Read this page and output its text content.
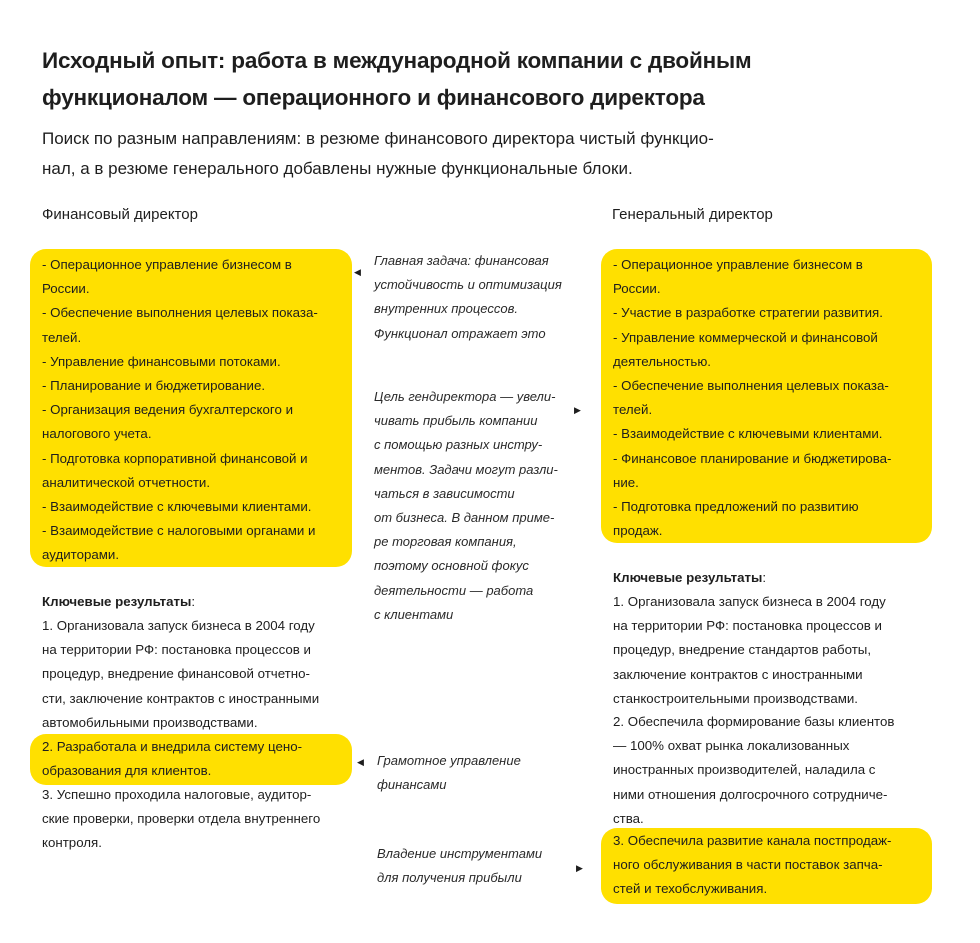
Исходный опыт: работа в международной компании с двойным
функционалом — операционного и финансового директора
Поиск по разным направлениям: в резюме финансового директора чистый функцио-
нал, а в резюме генерального добавлены нужные функциональные блоки.
Финансовый директор	Генеральный директор
- Операционное управление бизнесом в
России.
- Обеспечение выполнения целевых показа-
телей.
- Управление финансовыми потоками.
- Планирование и бюджетирование.
- Организация ведения бухгалтерского и
налогового учета.
- Подготовка корпоративной финансовой и
аналитической отчетности.
- Взаимодействие с ключевыми клиентами.
- Взаимодействие с налоговыми органами и
аудиторами.
Ключевые результаты:
1. Организовала запуск бизнеса в 2004 году
на территории РФ: постановка процессов и
процедур, внедрение финансовой отчетно-
сти, заключение контрактов с иностранными
автомобильными производствами.
2. Разработала и внедрила систему цено-
образования для клиентов.
3. Успешно проходила налоговые, аудитор-
ские проверки, проверки отдела внутреннего
контроля.
◀
▶
◀
▶
Главная задача: финансовая
устойчивость и оптимизация
внутренних процессов.
Функционал отражает это
Цель гендиректора — увели-
чивать прибыль компании
с помощью разных инстру-
ментов. Задачи могут разли-
чаться в зависимости
от бизнеса. В данном приме-
ре торговая компания,
поэтому основной фокус
деятельности — работа
с клиентами
Грамотное управление
финансами
Владение инструментами
для получения прибыли
- Операционное управление бизнесом в
России.
- Участие в разработке стратегии развития.
- Управление коммерческой и финансовой
деятельностью.
- Обеспечение выполнения целевых показа-
телей.
- Взаимодействие с ключевыми клиентами.
- Финансовое планирование и бюджетирова-
ние.
- Подготовка предложений по развитию
продаж.
Ключевые результаты:
1. Организовала запуск бизнеса в 2004 году
на территории РФ: постановка процессов и
процедур, внедрение стандартов работы,
заключение контрактов с иностранными
станкостроительными производствами.
2. Обеспечила формирование базы клиентов
— 100% охват рынка локализованных
иностранных производителей, наладила с
ними отношения долгосрочного сотрудниче-
ства.
3. Обеспечила развитие канала постпродаж-
ного обслуживания в части поставок запча-
стей и техобслуживания.
